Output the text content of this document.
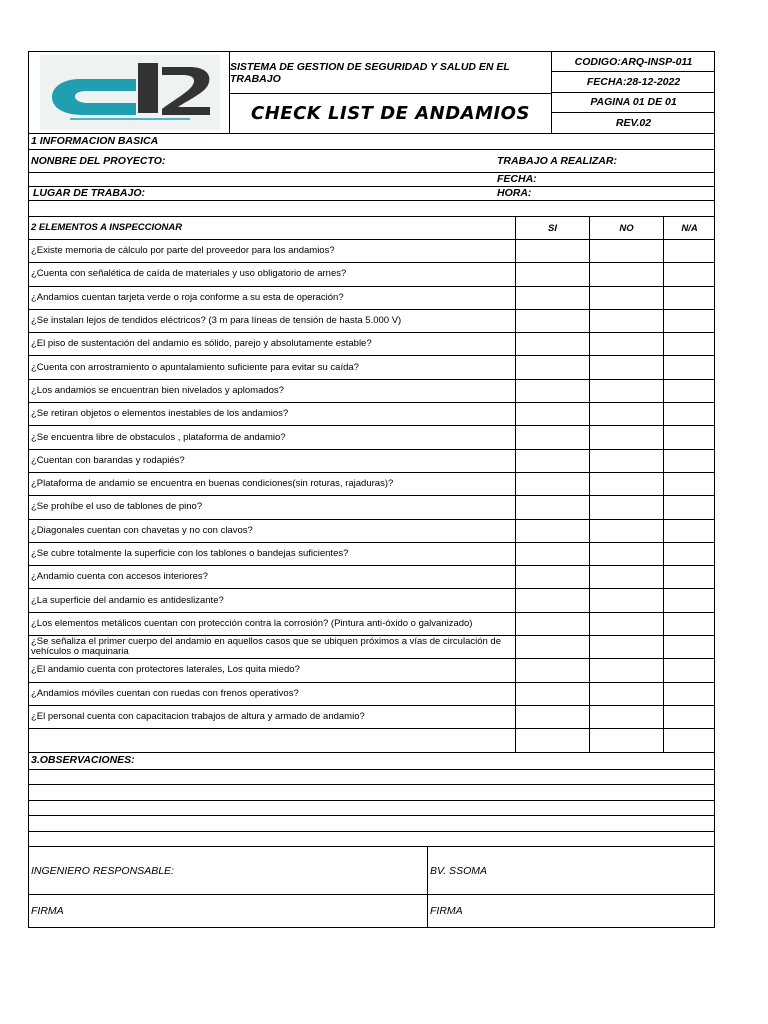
SISTEMA DE GESTION DE SEGURIDAD Y SALUD EN EL TRABAJO
CHECK LIST DE ANDAMIOS
CODIGO:ARQ-INSP-011
FECHA:28-12-2022
PAGINA 01 DE 01
REV.02
1 INFORMACION BASICA
NONBRE DEL PROYECTO:	TRABAJO A REALIZAR:
FECHA:
LUGAR DE TRABAJO:	HORA:
2 ELEMENTOS A INSPECCIONAR	SI	NO	N/A
¿Existe memoria de cálculo por parte del proveedor para los andamios?
¿Cuenta con señalética de caída de materiales y uso obligatorio de arnes?
¿Andamios cuentan tarjeta verde o roja conforme a su esta de operación?
¿Se instalan lejos de tendidos eléctricos? (3 m para líneas de tensión de hasta 5.000 V)
¿El piso de sustentación del andamio es sólido, parejo y absolutamente estable?
¿Cuenta con arrostramiento o apuntalamiento suficiente para evitar su caída?
¿Los andamios se encuentran bien nivelados y aplomados?
¿Se retiran objetos o elementos inestables de los andamios?
¿Se encuentra libre de obstaculos , plataforma de andamio?
¿Cuentan con barandas y rodapiés?
¿Plataforma de andamio se encuentra en buenas condiciones(sin roturas, rajaduras)?
¿Se prohíbe el uso de tablones de pino?
¿Diagonales cuentan con chavetas y no con clavos?
¿Se cubre totalmente la superficie con los tablones o bandejas suficientes?
¿Andamio cuenta con accesos interiores?
¿La superficie del andamio es antideslizante?
¿Los elementos metálicos cuentan con protección contra la corrosión? (Pintura anti-óxido o galvanizado)
¿Se señaliza el primer cuerpo del andamio en aquellos casos que se ubiquen próximos a vías de circulación de vehículos o maquinaria
¿El andamio cuenta con protectores laterales, Los quita miedo?
¿Andamios móviles cuentan con ruedas con frenos operativos?
¿El personal cuenta con capacitacion trabajos de altura y armado de andamio?
3.OBSERVACIONES:
INGENIERO RESPONSABLE:	BV. SSOMA
FIRMA	FIRMA
